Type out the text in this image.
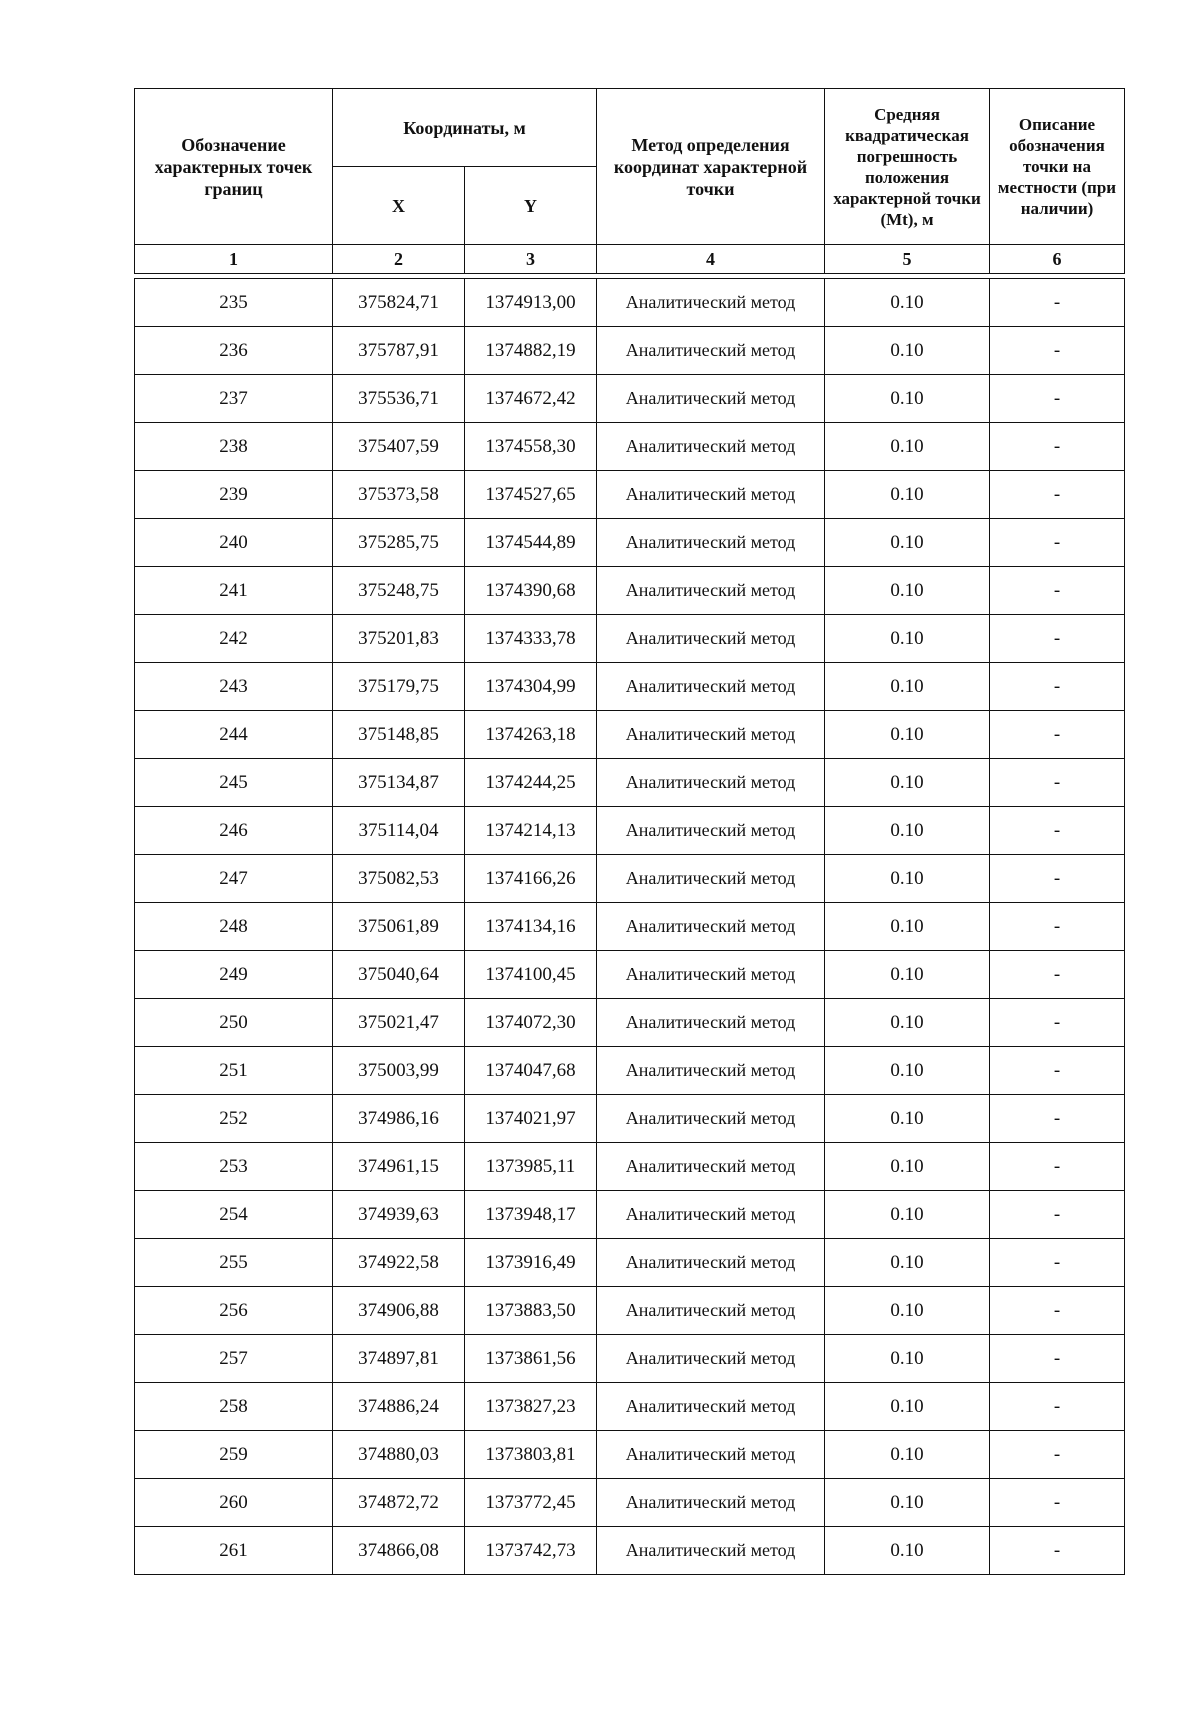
Обозначение характерных точек границ	Координаты, м		Метод определения координат характерной точки	Средняя квадратическая погрешность положения характерной точки (Mt), м	Описание обозначения точки на местности (при наличии)
	X	Y			
1	2	3	4	5	6

235	375824,71	1374913,00	Аналитический метод	0.10	-
236	375787,91	1374882,19	Аналитический метод	0.10	-
237	375536,71	1374672,42	Аналитический метод	0.10	-
238	375407,59	1374558,30	Аналитический метод	0.10	-
239	375373,58	1374527,65	Аналитический метод	0.10	-
240	375285,75	1374544,89	Аналитический метод	0.10	-
241	375248,75	1374390,68	Аналитический метод	0.10	-
242	375201,83	1374333,78	Аналитический метод	0.10	-
243	375179,75	1374304,99	Аналитический метод	0.10	-
244	375148,85	1374263,18	Аналитический метод	0.10	-
245	375134,87	1374244,25	Аналитический метод	0.10	-
246	375114,04	1374214,13	Аналитический метод	0.10	-
247	375082,53	1374166,26	Аналитический метод	0.10	-
248	375061,89	1374134,16	Аналитический метод	0.10	-
249	375040,64	1374100,45	Аналитический метод	0.10	-
250	375021,47	1374072,30	Аналитический метод	0.10	-
251	375003,99	1374047,68	Аналитический метод	0.10	-
252	374986,16	1374021,97	Аналитический метод	0.10	-
253	374961,15	1373985,11	Аналитический метод	0.10	-
254	374939,63	1373948,17	Аналитический метод	0.10	-
255	374922,58	1373916,49	Аналитический метод	0.10	-
256	374906,88	1373883,50	Аналитический метод	0.10	-
257	374897,81	1373861,56	Аналитический метод	0.10	-
258	374886,24	1373827,23	Аналитический метод	0.10	-
259	374880,03	1373803,81	Аналитический метод	0.10	-
260	374872,72	1373772,45	Аналитический метод	0.10	-
261	374866,08	1373742,73	Аналитический метод	0.10	-
